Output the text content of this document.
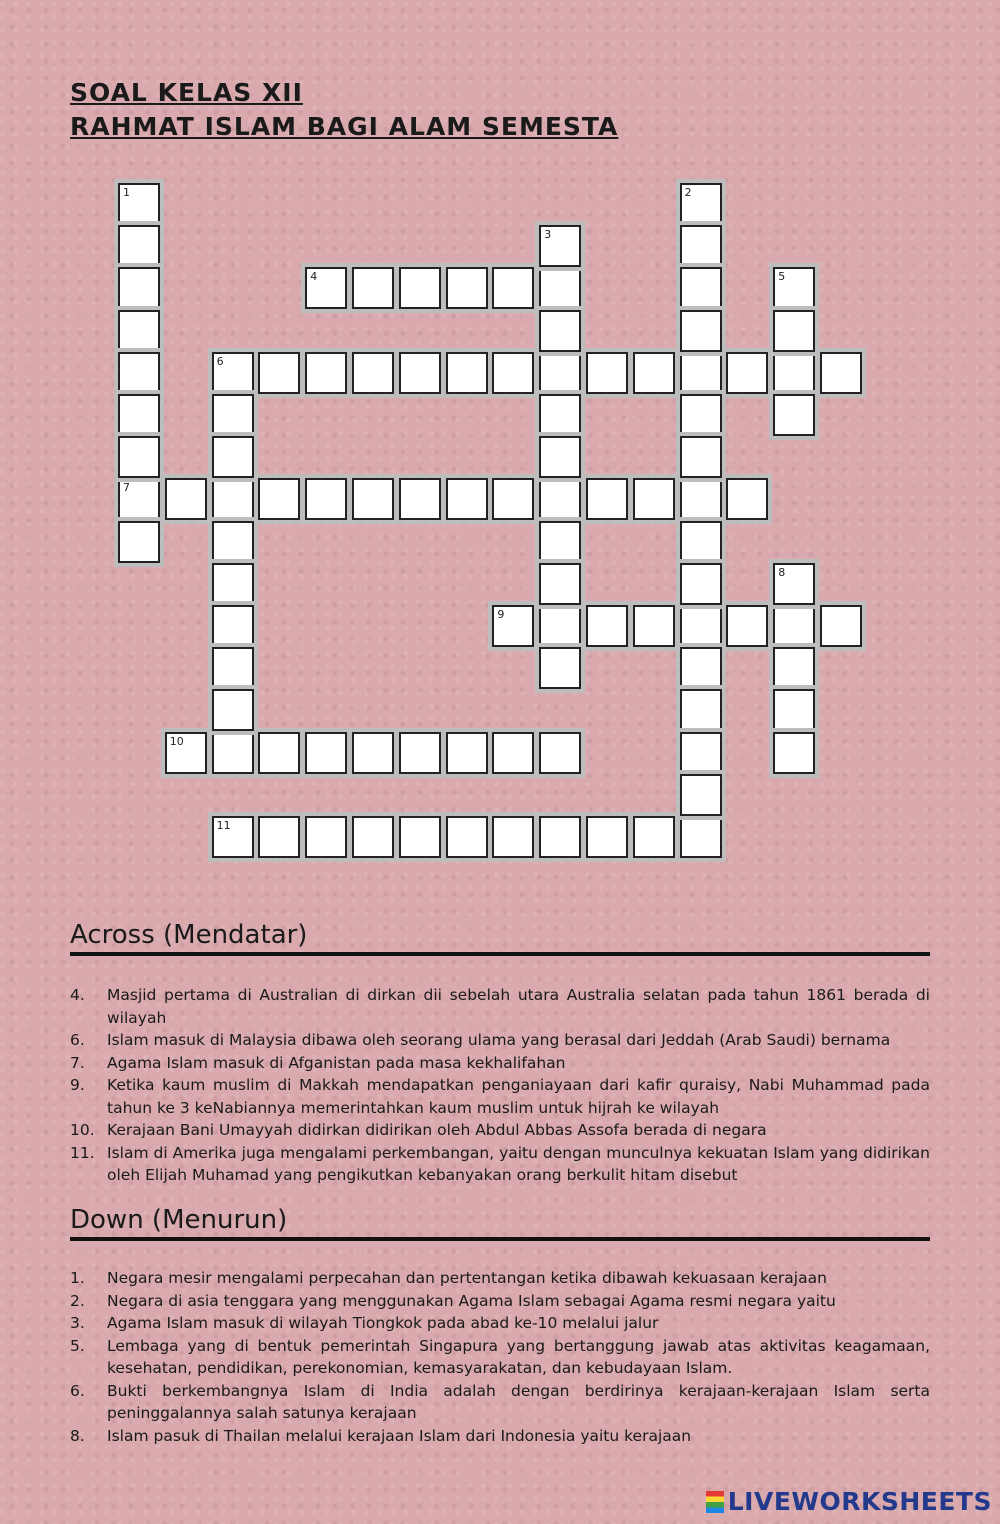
SOAL KELAS XII
RAHMAT ISLAM BAGI ALAM SEMESTA
4
6
7
9
10
11
1	2
3
5
8
Across (Mendatar)
4. Masjid pertama di Australian di dirkan dii sebelah utara Australia selatan pada tahun 1861 berada di wilayah
6. Islam masuk di Malaysia dibawa oleh seorang ulama yang berasal dari Jeddah (Arab Saudi) bernama
7. Agama Islam masuk di Afganistan pada masa kekhalifahan
9. Ketika kaum muslim di Makkah mendapatkan penganiayaan dari kafir quraisy, Nabi Muhammad pada tahun ke 3 keNabiannya memerintahkan kaum muslim untuk hijrah ke wilayah
10. Kerajaan Bani Umayyah didirkan didirikan oleh Abdul Abbas Assofa berada di negara
11. Islam di Amerika juga mengalami perkembangan, yaitu dengan munculnya kekuatan Islam yang didirikan oleh Elijah Muhamad yang pengikutkan kebanyakan orang berkulit hitam disebut
Down (Menurun)
1. Negara mesir mengalami perpecahan dan pertentangan ketika dibawah kekuasaan kerajaan
2. Negara di asia tenggara yang menggunakan Agama Islam sebagai Agama resmi negara yaitu
3. Agama Islam masuk di wilayah Tiongkok pada abad ke-10 melalui jalur
5. Lembaga yang di bentuk pemerintah Singapura yang bertanggung jawab atas aktivitas keagamaan, kesehatan, pendidikan, perekonomian, kemasyarakatan, dan kebudayaan Islam.
6. Bukti berkembangnya Islam di India adalah dengan berdirinya kerajaan-kerajaan Islam serta peninggalannya salah satunya kerajaan
8. Islam pasuk di Thailan melalui kerajaan Islam dari Indonesia yaitu kerajaan
LIVEWORKSHEETS
